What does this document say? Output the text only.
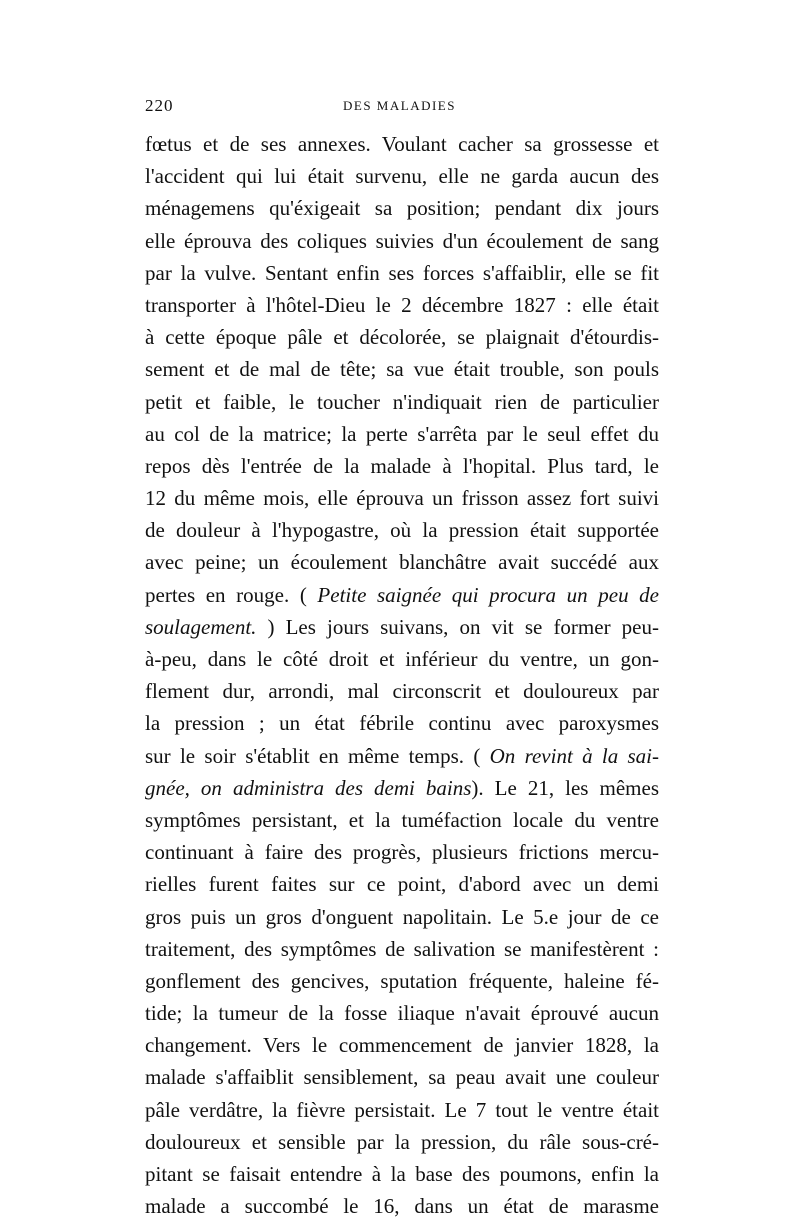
220	DES MALADIES
fœtus et de ses annexes. Voulant cacher sa grossesse et
l'accident qui lui était survenu, elle ne garda aucun des
ménagemens qu'éxigeait sa position; pendant dix jours
elle éprouva des coliques suivies d'un écoulement de sang
par la vulve. Sentant enfin ses forces s'affaiblir, elle se fit
transporter à l'hôtel-Dieu le 2 décembre 1827 : elle était
à cette époque pâle et décolorée, se plaignait d'étourdis-
sement et de mal de tête; sa vue était trouble, son pouls
petit et faible, le toucher n'indiquait rien de particulier
au col de la matrice; la perte s'arrêta par le seul effet du
repos dès l'entrée de la malade à l'hopital. Plus tard, le
12 du même mois, elle éprouva un frisson assez fort suivi
de douleur à l'hypogastre, où la pression était supportée
avec peine; un écoulement blanchâtre avait succédé aux
pertes en rouge. ( Petite saignée qui procura un peu de
soulagement. ) Les jours suivans, on vit se former peu-
à-peu, dans le côté droit et inférieur du ventre, un gon-
flement dur, arrondi, mal circonscrit et douloureux par
la pression ; un état fébrile continu avec paroxysmes
sur le soir s'établit en même temps. ( On revint à la sai-
gnée, on administra des demi bains). Le 21, les mêmes
symptômes persistant, et la tuméfaction locale du ventre
continuant à faire des progrès, plusieurs frictions mercu-
rielles furent faites sur ce point, d'abord avec un demi
gros puis un gros d'onguent napolitain. Le 5.e jour de ce
traitement, des symptômes de salivation se manifestèrent :
gonflement des gencives, sputation fréquente, haleine fé-
tide; la tumeur de la fosse iliaque n'avait éprouvé aucun
changement. Vers le commencement de janvier 1828, la
malade s'affaiblit sensiblement, sa peau avait une couleur
pâle verdâtre, la fièvre persistait. Le 7 tout le ventre était
douloureux et sensible par la pression, du râle sous-cré-
pitant se faisait entendre à la base des poumons, enfin la
malade a succombé le 16, dans un état de marasme
